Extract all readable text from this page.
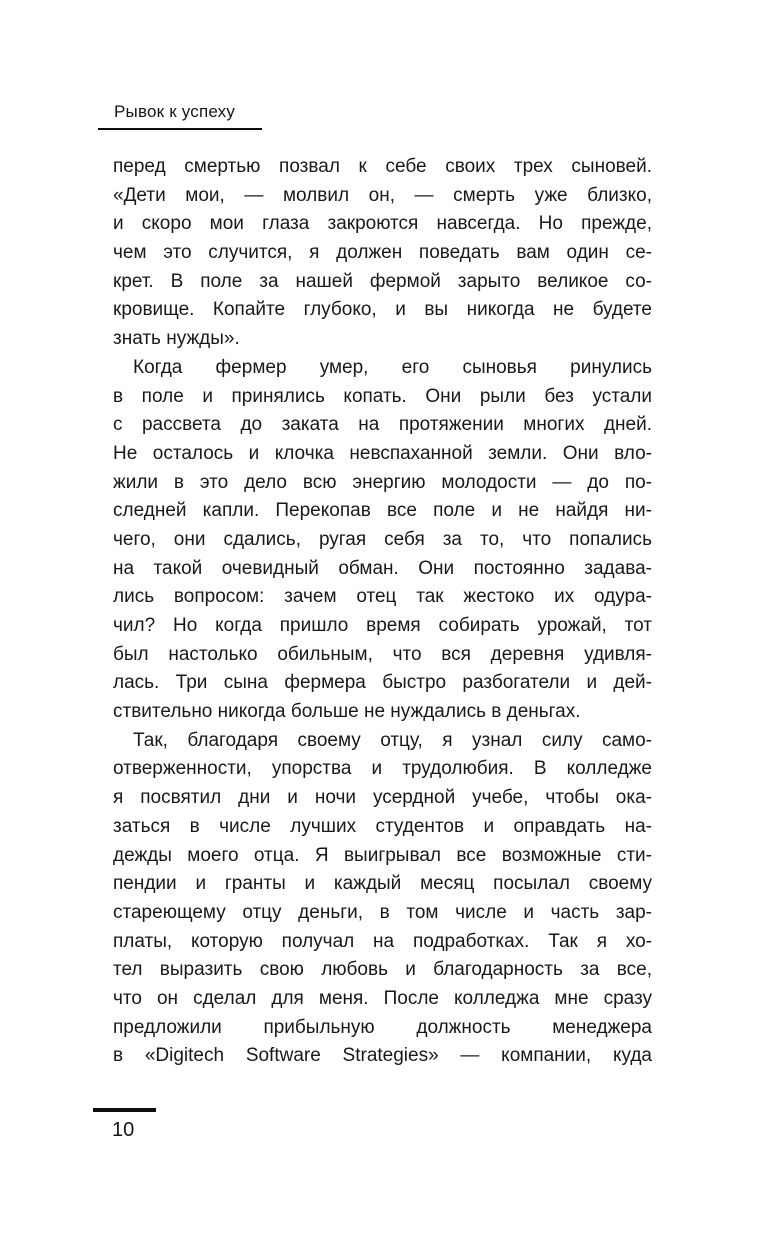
Рывок к успеху
перед смертью позвал к себе своих трех сыновей.
«Дети мои, — молвил он, — смерть уже близко,
и скоро мои глаза закроются навсегда. Но прежде,
чем это случится, я должен поведать вам один се-
крет. В поле за нашей фермой зарыто великое со-
кровище. Копайте глубоко, и вы никогда не будете
знать нужды».
Когда фермер умер, его сыновья ринулись
в поле и принялись копать. Они рыли без устали
с рассвета до заката на протяжении многих дней.
Не осталось и клочка невспаханной земли. Они вло-
жили в это дело всю энергию молодости — до по-
следней капли. Перекопав все поле и не найдя ни-
чего, они сдались, ругая себя за то, что попались
на такой очевидный обман. Они постоянно задава-
лись вопросом: зачем отец так жестоко их одура-
чил? Но когда пришло время собирать урожай, тот
был настолько обильным, что вся деревня удивля-
лась. Три сына фермера быстро разбогатели и дей-
ствительно никогда больше не нуждались в деньгах.
Так, благодаря своему отцу, я узнал силу само-
отверженности, упорства и трудолюбия. В колледже
я посвятил дни и ночи усердной учебе, чтобы ока-
заться в числе лучших студентов и оправдать на-
дежды моего отца. Я выигрывал все возможные сти-
пендии и гранты и каждый месяц посылал своему
стареющему отцу деньги, в том числе и часть зар-
платы, которую получал на подработках. Так я хо-
тел выразить свою любовь и благодарность за все,
что он сделал для меня. После колледжа мне сразу
предложили прибыльную должность менеджера
в «Digitech Software Strategies» — компании, куда
10
